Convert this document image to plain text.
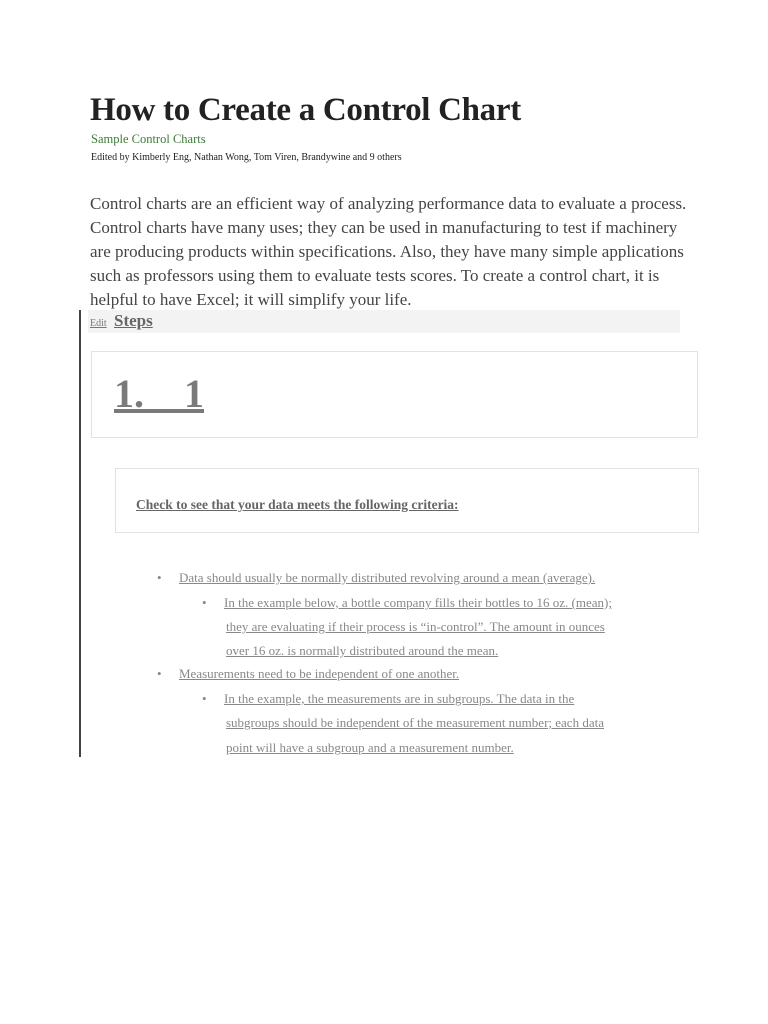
How to Create a Control Chart
Sample Control Charts
Edited by Kimberly Eng, Nathan Wong, Tom Viren, Brandywine and 9 others

Control charts are an efficient way of analyzing performance data to evaluate a process. Control charts have many uses; they can be used in manufacturing to test if machinery are producing products within specifications. Also, they have many simple applications such as professors using them to evaluate tests scores. To create a control chart, it is helpful to have Excel; it will simplify your life.

Edit Steps
1.    1
Check to see that your data meets the following criteria:
• Data should usually be normally distributed revolving around a mean (average).
• In the example below, a bottle company fills their bottles to 16 oz. (mean);
they are evaluating if their process is “in-control”. The amount in ounces
over 16 oz. is normally distributed around the mean.
• Measurements need to be independent of one another.
• In the example, the measurements are in subgroups. The data in the
subgroups should be independent of the measurement number; each data
point will have a subgroup and a measurement number.
